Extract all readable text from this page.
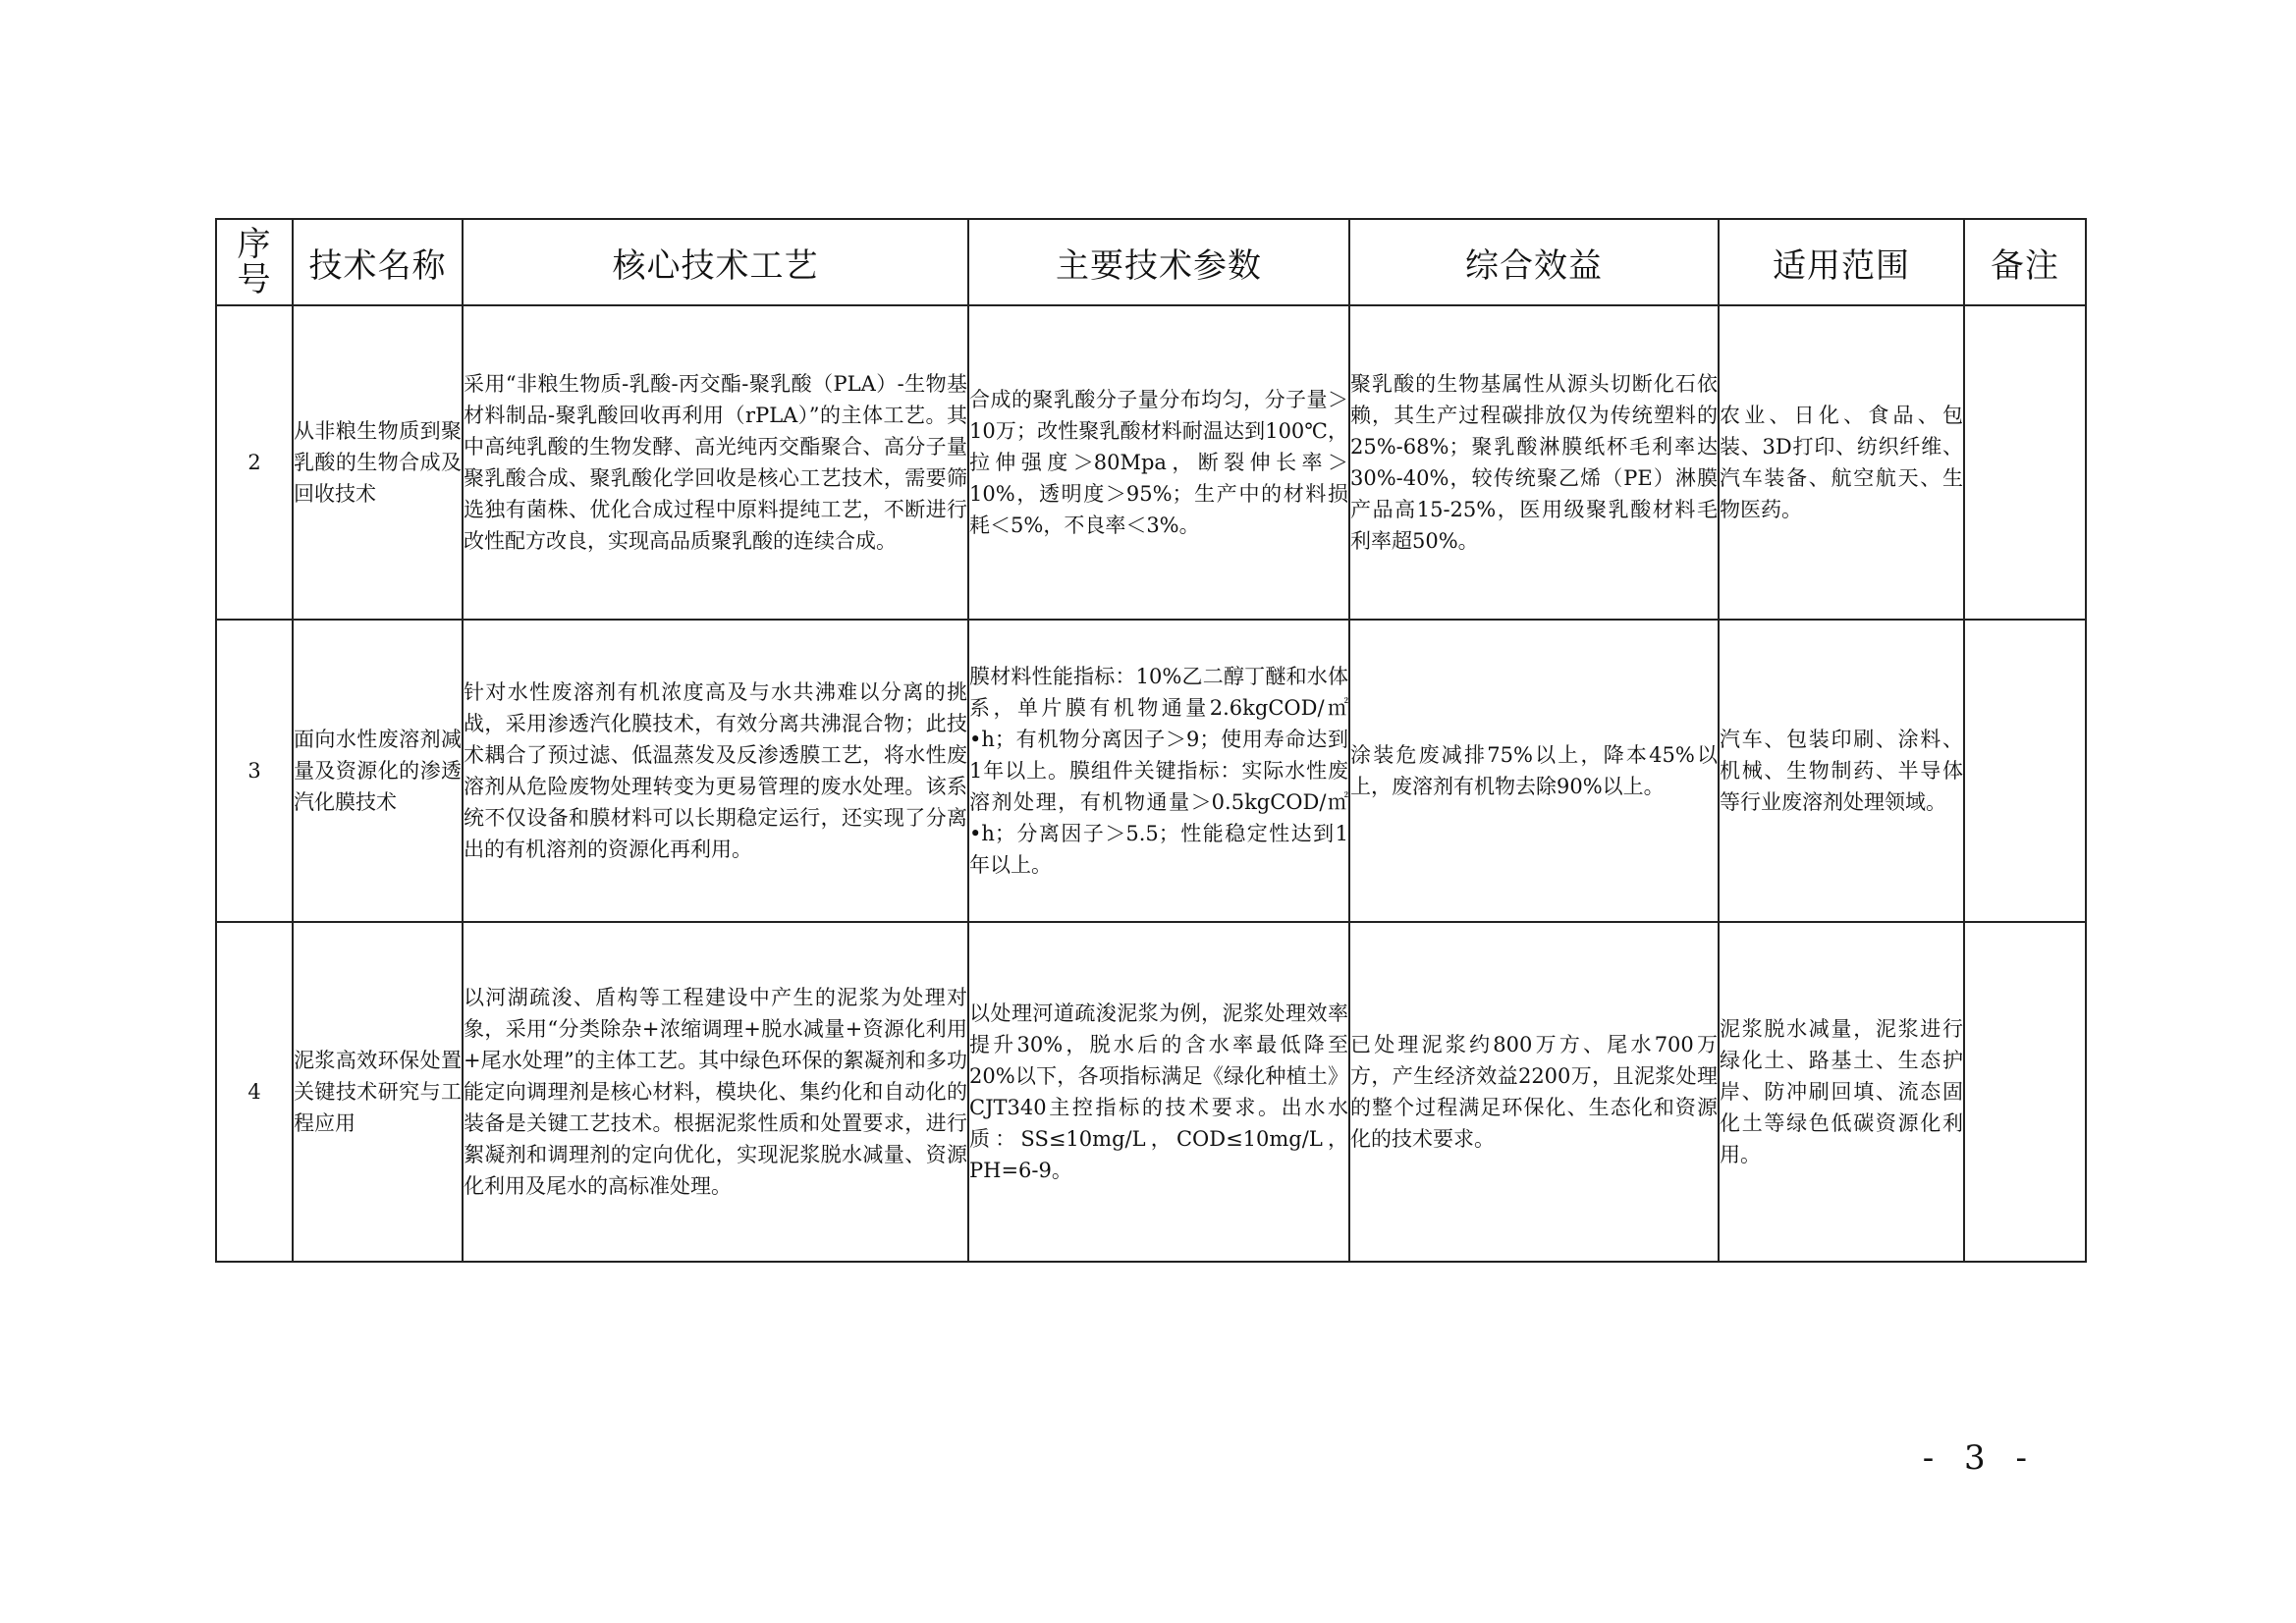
序号	技术名称	核心技术工艺	主要技术参数	综合效益	适用范围	备注
2	从非粮生物质到聚乳酸的生物合成及回收技术	采用“非粮生物质-乳酸-丙交酯-聚乳酸（PLA）-生物基材料制品-聚乳酸回收再利用（rPLA）”的主体工艺。其中高纯乳酸的生物发酵、高光纯丙交酯聚合、高分子量聚乳酸合成、聚乳酸化学回收是核心工艺技术，需要筛选独有菌株、优化合成过程中原料提纯工艺，不断进行改性配方改良，实现高品质聚乳酸的连续合成。	合成的聚乳酸分子量分布均匀，分子量＞10万；改性聚乳酸材料耐温达到100℃，拉伸强度＞80Mpa，断裂伸长率＞10%，透明度＞95%；生产中的材料损耗＜5%，不良率＜3%。	聚乳酸的生物基属性从源头切断化石依赖，其生产过程碳排放仅为传统塑料的25%-68%；聚乳酸淋膜纸杯毛利率达30%-40%，较传统聚乙烯（PE）淋膜产品高15-25%，医用级聚乳酸材料毛利率超50%。	农业、日化、食品、包装、3D打印、纺织纤维、汽车装备、航空航天、生物医药。	
3	面向水性废溶剂减量及资源化的渗透汽化膜技术	针对水性废溶剂有机浓度高及与水共沸难以分离的挑战，采用渗透汽化膜技术，有效分离共沸混合物；此技术耦合了预过滤、低温蒸发及反渗透膜工艺，将水性废溶剂从危险废物处理转变为更易管理的废水处理。该系统不仅设备和膜材料可以长期稳定运行，还实现了分离出的有机溶剂的资源化再利用。	膜材料性能指标：10%乙二醇丁醚和水体系，单片膜有机物通量2.6kgCOD/㎡•h；有机物分离因子＞9；使用寿命达到1年以上。膜组件关键指标：实际水性废溶剂处理，有机物通量＞0.5kgCOD/㎡•h；分离因子＞5.5；性能稳定性达到1年以上。	涂装危废减排75%以上，降本45%以上，废溶剂有机物去除90%以上。	汽车、包装印刷、涂料、机械、生物制药、半导体等行业废溶剂处理领域。	
4	泥浆高效环保处置关键技术研究与工程应用	以河湖疏浚、盾构等工程建设中产生的泥浆为处理对象，采用“分类除杂+浓缩调理+脱水减量+资源化利用+尾水处理”的主体工艺。其中绿色环保的絮凝剂和多功能定向调理剂是核心材料，模块化、集约化和自动化的装备是关键工艺技术。根据泥浆性质和处置要求，进行絮凝剂和调理剂的定向优化，实现泥浆脱水减量、资源化利用及尾水的高标准处理。	以处理河道疏浚泥浆为例，泥浆处理效率提升30%，脱水后的含水率最低降至20%以下，各项指标满足《绿化种植土》CJT340主控指标的技术要求。出水水质：SS≤10mg/L，COD≤10mg/L，PH=6-9。	已处理泥浆约800万方、尾水700万方，产生经济效益2200万，且泥浆处理的整个过程满足环保化、生态化和资源化的技术要求。	泥浆脱水减量，泥浆进行绿化土、路基土、生态护岸、防冲刷回填、流态固化土等绿色低碳资源化利用。	
- 3 -
